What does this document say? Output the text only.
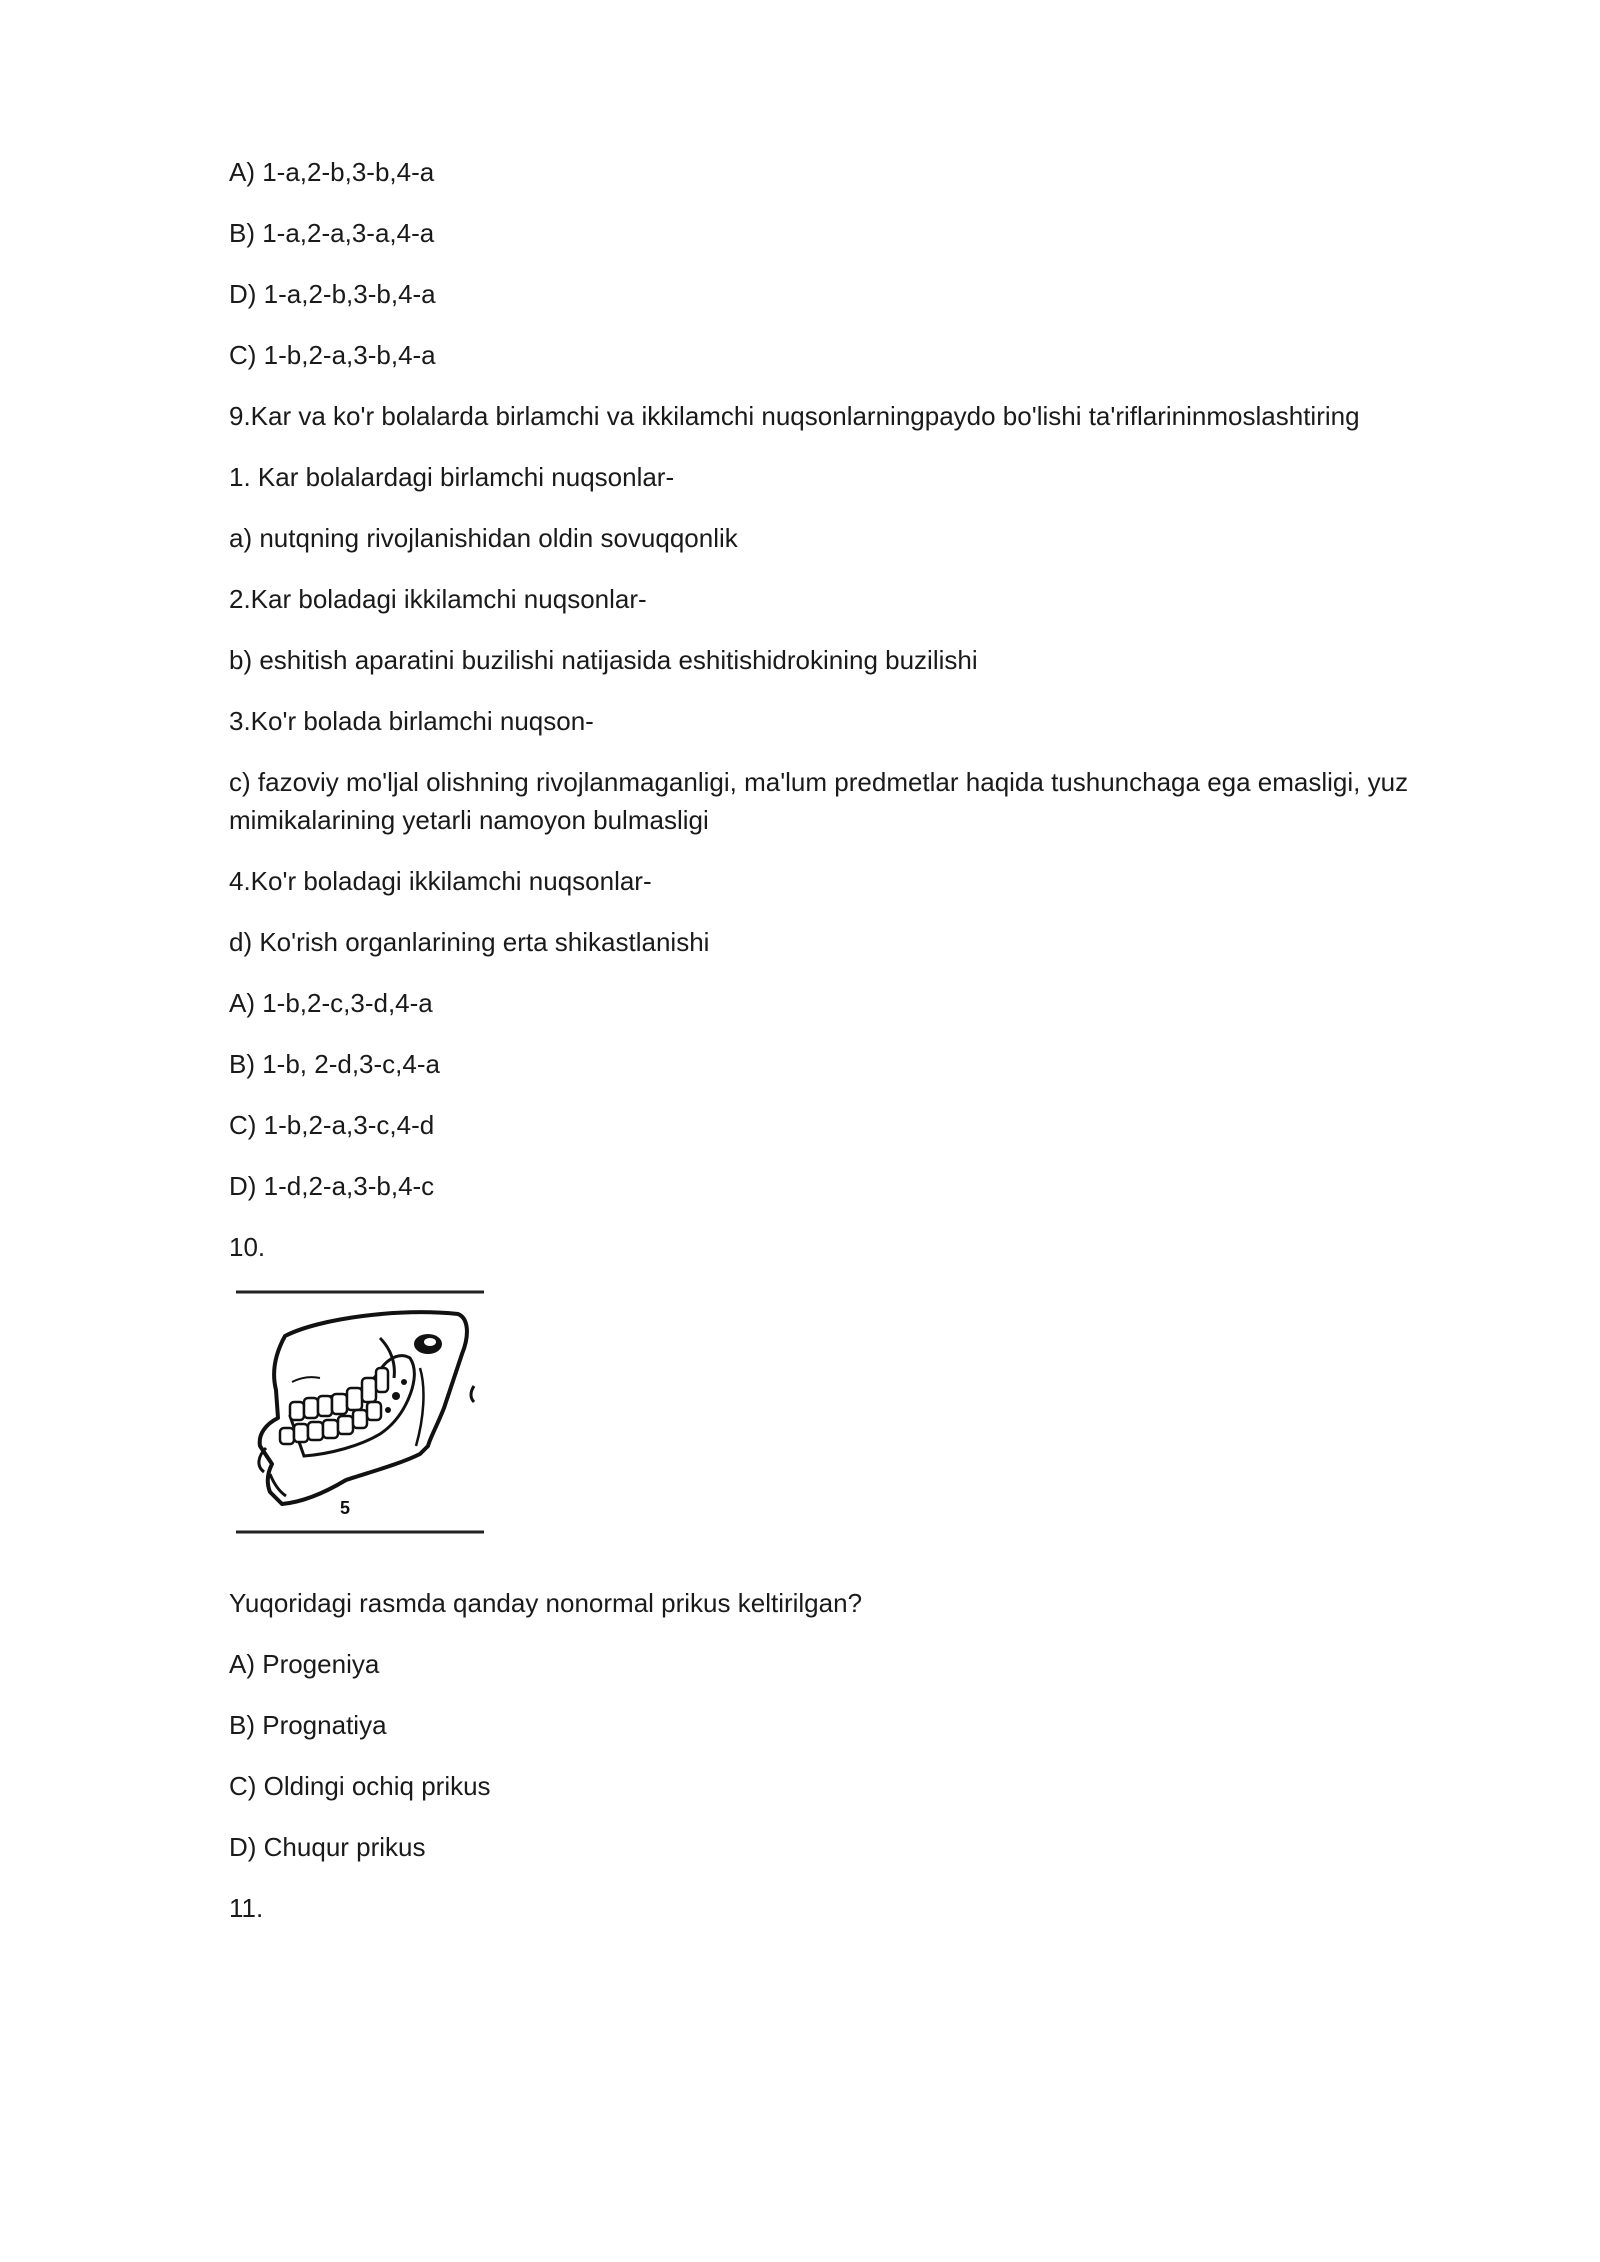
A) 1-a,2-b,3-b,4-a
B) 1-a,2-a,3-a,4-a
D) 1-a,2-b,3-b,4-a
C) 1-b,2-a,3-b,4-a
9.Kar va ko'r bolalarda birlamchi va ikkilamchi nuqsonlarningpaydo bo'lishi ta'riflarininmoslashtiring
1. Kar bolalardagi birlamchi nuqsonlar-
a) nutqning rivojlanishidan oldin sovuqqonlik
2.Kar boladagi ikkilamchi nuqsonlar-
b) eshitish aparatini buzilishi natijasida eshitishidrokining buzilishi
3.Ko'r bolada birlamchi nuqson-
c) fazoviy mo'ljal olishning rivojlanmaganligi, ma'lum predmetlar haqida tushunchaga ega emasligi, yuz mimikalarining yetarli namoyon bulmasligi
4.Ko'r boladagi ikkilamchi nuqsonlar-
d) Ko'rish organlarining erta shikastlanishi
A) 1-b,2-c,3-d,4-a
B) 1-b, 2-d,3-c,4-a
C) 1-b,2-a,3-c,4-d
D) 1-d,2-a,3-b,4-c
10.
5
Yuqoridagi rasmda qanday nonormal prikus keltirilgan?
A) Progeniya
B) Prognatiya
C) Oldingi ochiq prikus
D) Chuqur prikus
11.
